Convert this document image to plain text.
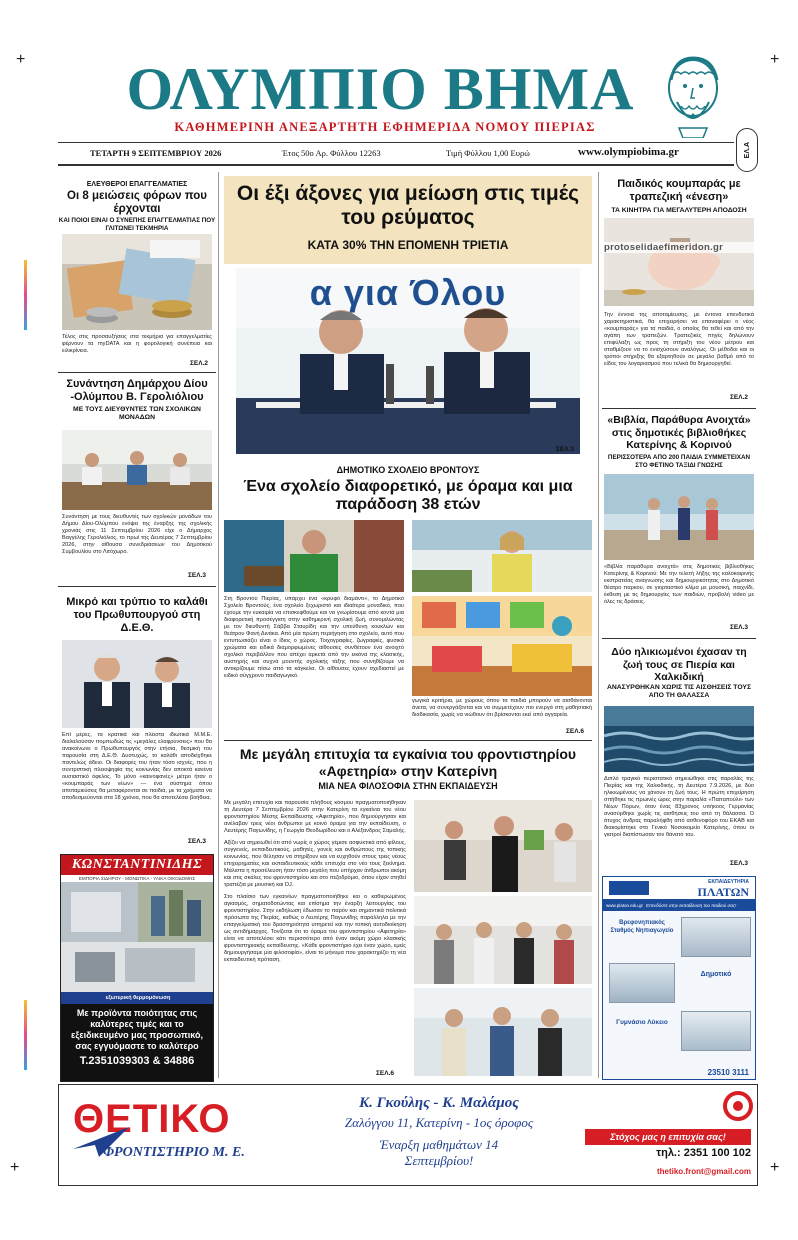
+	+
+	+
ΟΛΥΜΠΙΟ ΒΗΜΑ
ΚΑΘΗΜΕΡΙΝΗ ΑΝΕΞΑΡΤΗΤΗ ΕΦΗΜΕΡΙΔΑ ΝΟΜΟΥ ΠΙΕΡΙΑΣ
ΕΛ.Α
ΤΕΤΑΡΤΗ 9 ΣΕΠΤΕΜΒΡΙΟΥ 2026	Έτος 50ο Αρ. Φύλλου 12263	Τιμή Φύλλου 1,00 Ευρώ	www.olympiobima.gr
ΕΛΕΥΘΕΡΟΙ ΕΠΑΓΓΕΛΜΑΤΙΕΣ
Οι 8 μειώσεις φόρων που έρχονται
ΚΑΙ ΠΟΙΟΙ ΕΙΝΑΙ Ο ΣΥΝΕΠΗΣ ΕΠΑΓΓΕΛΜΑΤΙΑΣ ΠΟΥ ΓΛΙΤΩΝΕΙ ΤΕΚΜΗΡΙΑ
Τέλος στις προσαυξήσεις στα τεκμήρια για επαγγελματίες φέρνουν τα myDATA και η φορολογική συνέπεια και ειλικρίνεια.
ΣΕΛ.2
Συνάντηση Δημάρχου Δίου -Ολύμπου Β. Γερολιόλιου
ΜΕ ΤΟΥΣ ΔΙΕΥΘΥΝΤΕΣ ΤΩΝ ΣΧΟΛΙΚΩΝ ΜΟΝΑΔΩΝ
Συνάντηση με τους διευθυντές των σχολικών μονάδων του Δήμου Δίου-Ολύμπου ενόψει της έναρξης της σχολικής χρονιάς στις 11 Σεπτεμβρίου 2026 είχε ο Δήμαρχος Βαγγέλης Γερολιόλιος, το πρωί της Δευτέρας 7 Σεπτεμβρίου 2026, στην αίθουσα συνεδριάσεων του Δημοτικού Συμβουλίου στο Λιτόχωρο.
ΣΕΛ.3
Μικρό και τρύπιο το καλάθι του Πρωθυπουργού στη Δ.Ε.Θ.
Επί μέρες, τα κρατικά και πλέιστα ιδιωτικά Μ.Μ.Ε. διαλαλούσαν πομπωδώς τις «μεγάλες ελαφρύνσεις» που θα ανακοίνωνε ο Πρωθυπουργός στην ετήσια, θεσμική του παρουσία στη Δ.Ε.Θ. Δυστυχώς, το καλάθι αποδείχθηκε παντελώς άδειο. Οι διαφορές του ήταν τόσο ισχνές, που η συντριπτική πλειοψηφία της κοινωνίας δεν αποκτά κανένα ουσιαστικό όφελος. Το μόνο «καινοφανές» μέτρο ήταν ο «κουμπαράς των νέων» — ένα σύστημα όπου αποταμιεύσεις θα μεταφέρονται σε παιδιά, με τα χρήματα να αποδεσμεύονται στα 18 χρόνια, που θα αποτελέσει βοήθεια.
ΣΕΛ.3
ΚΩΝΣΤΑΝΤΙΝΙΔΗΣ
ΕΜΠΟΡΙΑ ΣΙΔΗΡΟΥ - ΜΟΝΩΤΙΚΑ - ΥΛΙΚΑ ΟΙΚΟΔΟΜΗΣ
εξωτερική θερμομόνωση
Με προϊόντα ποιότητας στις καλύτερες τιμές και το εξειδικευμένο μας προσωπικό, σας εγγυόμαστε το καλύτερο
Τ.2351039303 & 34886
Οι έξι άξονες για μείωση στις τιμές του ρεύματος
ΚΑΤΑ 30% ΤΗΝ ΕΠΟΜΕΝΗ ΤΡΙΕΤΙΑ
α για Όλου
ΣΕΛ.3
ΔΗΜΟΤΙΚΟ ΣΧΟΛΕΙΟ ΒΡΟΝΤΟΥΣ
Ένα σχολείο διαφορετικό, με όραμα και μια παράδοση 38 ετών
Στη Βροντού Πιερίας, υπάρχει ένα «κρυφό διαμάντι», το Δημοτικό Σχολείο Βροντούς, ένα σχολείο ξεχωριστό και ιδιαίτερα μοναδικό, που έχουμε την ευκαιρία να επισκεφθούμε και να γνωρίσουμε από κοντά μια διαφορετική προσέγγιση στην καθημερινή σχολική ζωή, συνομιλώντας με τον διευθυντή Σάββα Σταυρίδη και την υπεύθυνη κουκλών και θεάτρου Φανή Δινάκα. Από μία πρώτη περιήγηση στο σχολείο, αυτό που εντυπωσιάζει είναι ο ίδιος ο χώρος. Τοιχογραφίες, ζωγραφιές, φυσικά χρώματα και ειδικά διαμορφωμένες αίθουσες συνθέτουν ένα ανοιχτό σχολικό περιβάλλον που απέχει αρκετά από την εικόνα της κλασικής, αυστηρής και συχνά μουντής σχολικής τάξης που συνηθίζουμε να αντικρίζουμε πίσω από τα κάγκελα. Οι αίθουσες έχουν σχεδιαστεί με ειδικό σύγχρονο παιδαγωγικό.
γωγικά κριτήρια, με χώρους όπου τα παιδιά μπορούν να αισθάνονται άνετα, να συνεργάζονται και να συμμετέχουν πιο ενεργά στη μαθησιακή διαδικασία, χωρίς να νιώθουν ότι βρίσκονται εκεί από αγγαρεία.
ΣΕΛ.6
Με μεγάλη επιτυχία τα εγκαίνια του φροντιστηρίου «Αφετηρία» στην Κατερίνη
ΜΙΑ ΝΕΑ ΦΙΛΟΣΟΦΙΑ ΣΤΗΝ ΕΚΠΑΙΔΕΥΣΗ

Με μεγάλη επιτυχία και παρουσία πλήθους κόσμου πραγματοποιήθηκαν τη Δευτέρα 7 Σεπτεμβρίου 2026 στην Κατερίνη τα εγκαίνια του νέου φροντιστηρίου Μέσης Εκπαίδευσης «Αφετηρία», που δημιούργησαν και ανέλαβαν τρεις νέοι άνθρωποι με κοινό όραμα για την εκπαίδευση, ο Λευτέρης Παγωνίδης, η Γεωργία Θεοδωρίδου και ο Αλέξανδρος Σαμαλής.

Αξίζει να σημειωθεί ότι από νωρίς ο χώρος γέμισε ασφυκτικά από φίλους, συγγενείς, εκπαιδευτικούς, μαθητές, γονείς και ανθρώπους της τοπικής κοινωνίας, που θέλησαν να στηρίξουν και να ευχηθούν στους τρεις νέους επιχειρηματίες και εκπαιδευτικούς κάθε επιτυχία στο νέο τους ξεκίνημα. Μάλιστα η προσέλευση ήταν τόσο μεγάλη που υπήρχαν άνθρωποι ακόμη και στις σκάλες του φροντιστηρίου και στο πεζοδρόμιο, όπου είχαν στηθεί τραπέζια με μουσική και DJ.

Στο πλαίσιο των εγκαινίων πραγματοποιήθηκε και ο καθιερωμένος αγιασμός, σηματοδοτώντας και επίσημα την έναρξη λειτουργίας του φροντιστηρίου. Στην εκδήλωση έδωσαν το παρόν και σημαντικά πολιτικά πρόσωπα της Πιερίας, καθώς ο Λευτέρης Παγωνίδης παράλληλα με την επαγγελματική του δραστηριότητα υπηρετεί και την τοπική αυτοδιοίκηση ως αντιδήμαρχος. Τονίζεται ότι το όραμα του φροντιστηρίου «Αφετηρία» είναι να αποτελέσει κάτι περισσότερο από έναν ακόμη χώρο κλασικής φροντιστηριακής εκπαίδευσης. «Κάθε φροντιστήριο έχει έναν χώρο, εμείς δημιουργήσαμε μια φιλοσοφία», είναι το μήνυμα που χαρακτηρίζει τη νέα εκπαιδευτική πρόταση.

ΣΕΛ.6
Παιδικός κουμπαράς με τραπεζική «ένεση»
ΤΑ ΚΙΝΗΤΡΑ ΓΙΑ ΜΕΓΑΛΥΤΕΡΗ ΑΠΟΔΟΣΗ
protoselidaefimeridon.gr
Την έννοια της αποταμίευσης, με έντονα επενδυτικά χαρακτηριστικά, θα επιχειρήσει να επαναφέρει ο νέος «κουμπαράς» για τα παιδιά, ο οποίος θα τεθεί και από την αγάπη των τραπεζών. Τραπεζικές πηγές δηλώνουν επιφύλαξη ως προς τη στήριξη του νέου μέτρου και σταθμίζουν να το ενισχύσουν αναλόγως. Οι μέθοδοι και οι τρόποι στήριξης θα εξαρτηθούν σε μεγάλο βαθμό από το είδος του λογαριασμού που τελικά θα δημιουργηθεί.
ΣΕΛ.2
«Βιβλία, Παράθυρα Ανοιχτά» στις δημοτικές βιβλιοθήκες Κατερίνης & Κορινού
ΠΕΡΙΣΣΟΤΕΡΑ ΑΠΟ 200 ΠΑΙΔΙΑ ΣΥΜΜΕΤΕΙΧΑΝ ΣΤΟ ΦΕΤΙΝΟ ΤΑΞΙΔΙ ΓΝΩΣΗΣ
«Βιβλία παράθυρα ανοιχτά» στις δημοτικές βιβλιοθήκες Κατερίνης & Κορινού: Με την τελετή λήξης της καλοκαιρινής εκστρατείας ανάγνωσης και δημιουργικότητας στο Δημοτικό θέατρο παρκου, σε γιορταστικό κλίμα με μουσική, παιχνίδι, έκθεση με τις δημιουργίες των παιδιών, προβολή video με όλες τις δράσεις.
ΣΕΛ.3
Δύο ηλικιωμένοι έχασαν τη ζωή τους σε Πιερία και Χαλκιδική
ΑΝΑΣΥΡΘΗΚΑΝ ΧΩΡΙΣ ΤΙΣ ΑΙΣΘΗΣΕΙΣ ΤΟΥΣ ΑΠΟ ΤΗ ΘΑΛΑΣΣΑ
Διπλό τραγικό περιστατικό σημειώθηκε στις παραλίες της Πιερίας και της Χαλκιδικής, τη Δευτέρα 7.9.2026, με δύο ηλικιωμένους να χάνουν τη ζωή τους. Η πρώτη επιχείρηση σπήθηκε τις πρωινές ώρες στην παραλία «Παπαπούλι» των Νέων Πόρων, όταν ένας 83χρονος υπήκοος Γερμανίας ανασύρθηκε χωρίς τις αισθήσεις του από τη θάλασσα. Ο άτυχος άνδρας παραλήφθη από ασθενοφόρο του ΕΚΑΒ και διακομίστηκε στο Γενικό Νοσοκομείο Κατερίνης, όπου οι γιατροί διαπίστωσαν τον θάνατό του.
ΣΕΛ.3
ΕΚΠΑΙΔΕΥΤΗΡΙΑ
ΠΛΑΤΩΝ
www.platon.edu.gr Επενδύστε στην εκπαίδευση του παιδιού σας!
Βρεφονηπιακός Σταθμός Νηπιαγωγείο
Δημοτικό
Γυμνάσιο Λύκειο
23510 3111
ΘΕΤΙΚΟ
ΦΡΟΝΤΙΣΤΗΡΙΟ Μ. Ε.
Κ. Γκούλης - Κ. Μαλάμος
Ζαλόγγου 11, Κατερίνη - 1ος όροφος
Έναρξη μαθημάτων 14 Σεπτεμβρίου!
Στόχος μας η επιτυχία σας!
τηλ.: 2351 100 102
thetiko.front@gmail.com
